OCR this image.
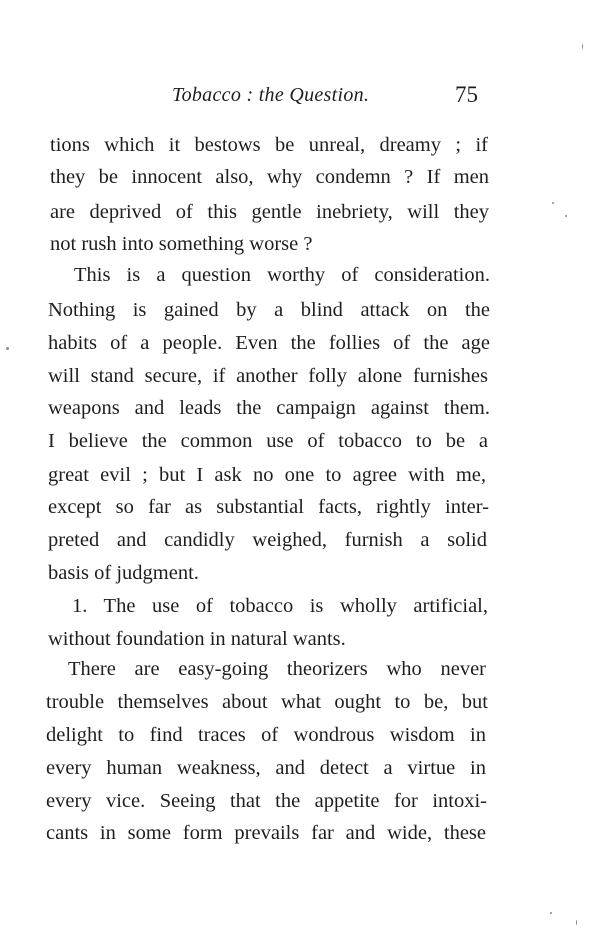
Tobacco : the Question.	75
tions which it bestows be unreal, dreamy ; if
they be innocent also, why condemn ? If men
are deprived of this gentle inebriety, will they
not rush into something worse ?
This is a question worthy of consideration.
Nothing is gained by a blind attack on the
habits of a people. Even the follies of the age
will stand secure, if another folly alone furnishes
weapons and leads the campaign against them.
I believe the common use of tobacco to be a
great evil ; but I ask no one to agree with me,
except so far as substantial facts, rightly inter-
preted and candidly weighed, furnish a solid
basis of judgment.
1. The use of tobacco is wholly artificial,
without foundation in natural wants.
There are easy-going theorizers who never
trouble themselves about what ought to be, but
delight to find traces of wondrous wisdom in
every human weakness, and detect a virtue in
every vice. Seeing that the appetite for intoxi-
cants in some form prevails far and wide, these
